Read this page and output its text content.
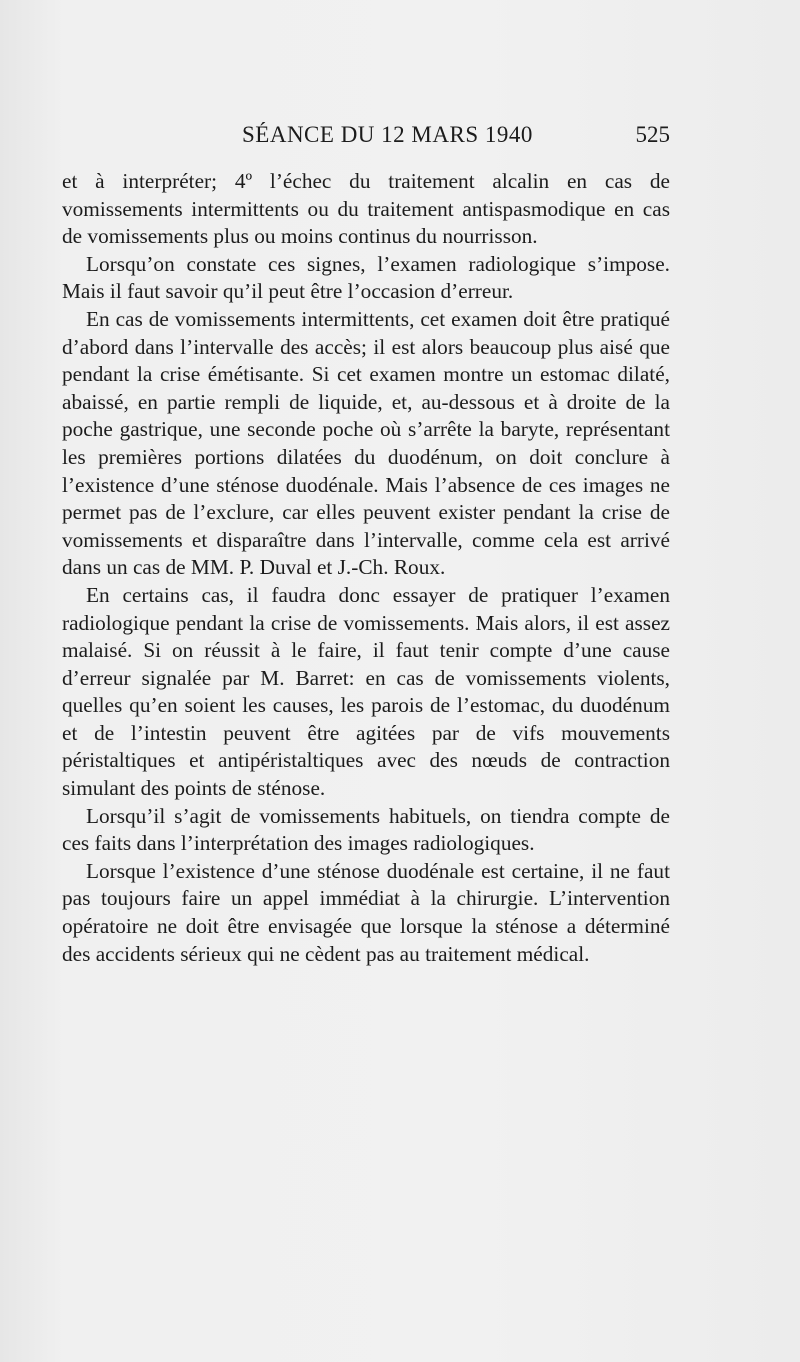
SÉANCE DU 12 MARS 1940	525

et à interpréter; 4º l’échec du traitement alcalin en cas de vomissements intermittents ou du traitement antispasmodique en cas de vomissements plus ou moins continus du nourrisson.

Lorsqu’on constate ces signes, l’examen radiologique s’impose. Mais il faut savoir qu’il peut être l’occasion d’erreur.

En cas de vomissements intermittents, cet examen doit être pratiqué d’abord dans l’intervalle des accès; il est alors beaucoup plus aisé que pendant la crise émétisante. Si cet examen montre un estomac dilaté, abaissé, en partie rempli de liquide, et, au-dessous et à droite de la poche gastrique, une seconde poche où s’arrête la baryte, représentant les premières portions dilatées du duodénum, on doit conclure à l’existence d’une sténose duodénale. Mais l’absence de ces images ne permet pas de l’exclure, car elles peuvent exister pendant la crise de vomissements et disparaître dans l’intervalle, comme cela est arrivé dans un cas de MM. P. Duval et J.-Ch. Roux.

En certains cas, il faudra donc essayer de pratiquer l’examen radiologique pendant la crise de vomissements. Mais alors, il est assez malaisé. Si on réussit à le faire, il faut tenir compte d’une cause d’erreur signalée par M. Barret: en cas de vomissements violents, quelles qu’en soient les causes, les parois de l’estomac, du duodénum et de l’intestin peuvent être agitées par de vifs mouvements péristaltiques et antipéristaltiques avec des nœuds de contraction simulant des points de sténose.

Lorsqu’il s’agit de vomissements habituels, on tiendra compte de ces faits dans l’interprétation des images radiologiques.

Lorsque l’existence d’une sténose duodénale est certaine, il ne faut pas toujours faire un appel immédiat à la chirurgie. L’intervention opératoire ne doit être envisagée que lorsque la sténose a déterminé des accidents sérieux qui ne cèdent pas au traitement médical.
